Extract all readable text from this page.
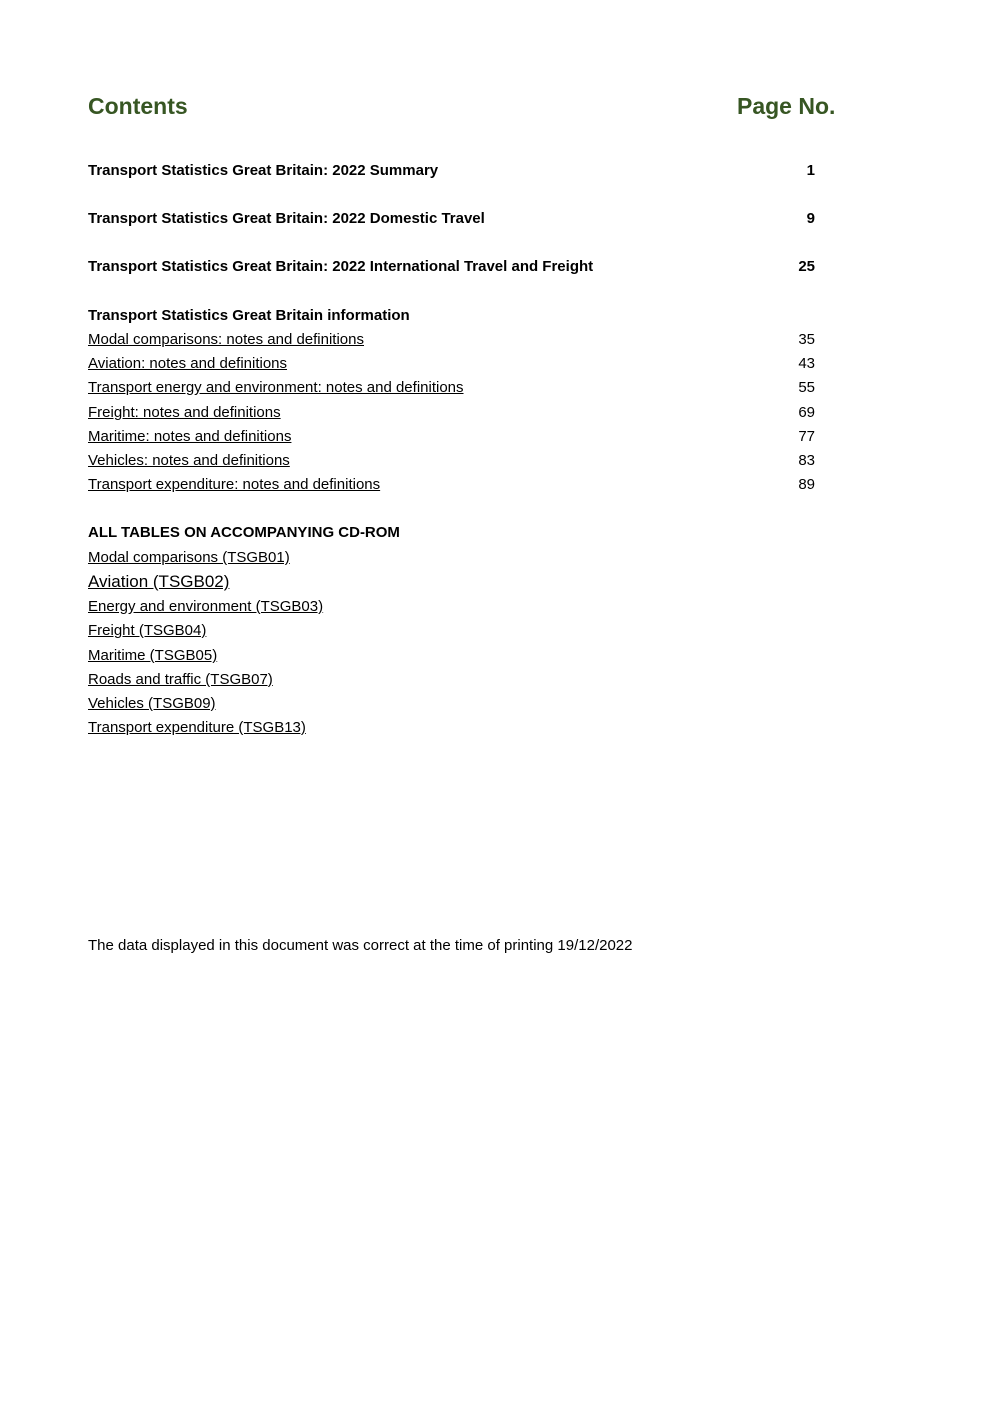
Contents	Page No.
Transport Statistics Great Britain: 2022 Summary	1
Transport Statistics Great Britain: 2022 Domestic Travel	9
Transport Statistics Great Britain: 2022 International Travel and Freight	25
Transport Statistics Great Britain information
Modal comparisons: notes and definitions	35
Aviation: notes and definitions	43
Transport energy and environment: notes and definitions	55
Freight: notes and definitions	69
Maritime: notes and definitions	77
Vehicles: notes and definitions	83
Transport expenditure: notes and definitions	89
ALL TABLES ON ACCOMPANYING CD-ROM
Modal comparisons (TSGB01)
Aviation (TSGB02)
Energy and environment (TSGB03)
Freight (TSGB04)
Maritime (TSGB05)
Roads and traffic (TSGB07)
Vehicles (TSGB09)
Transport expenditure (TSGB13)
The data displayed in this document was correct at the time of printing 19/12/2022
